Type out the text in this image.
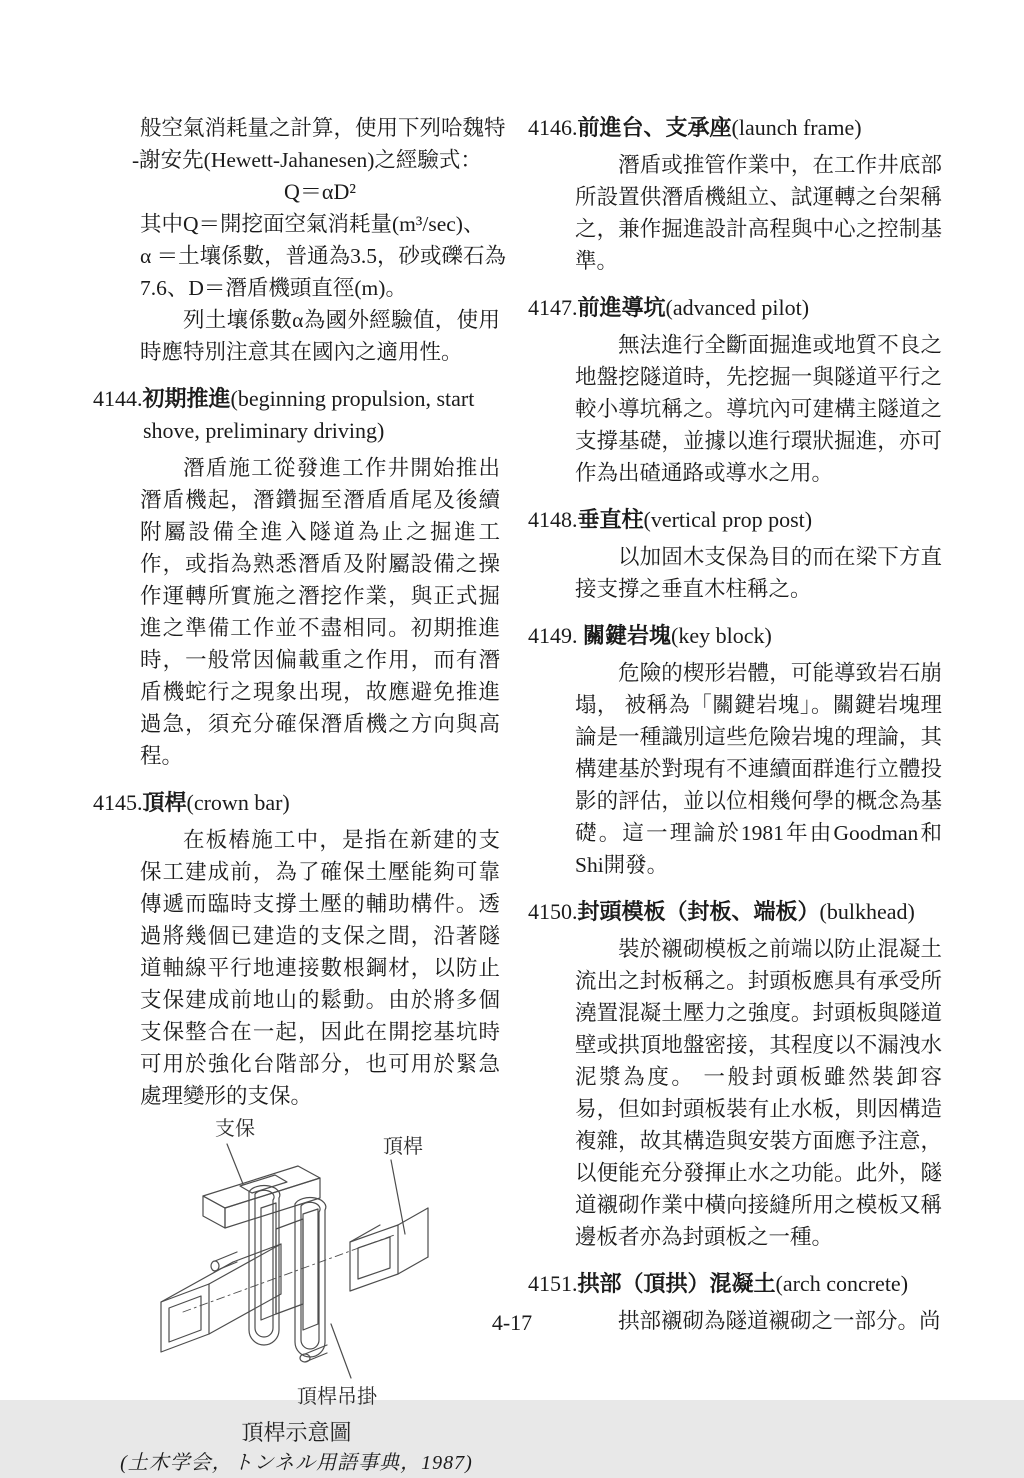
般空氣消耗量之計算，使用下列哈魏特
-謝安先(Hewett-Jahanesen)之經驗式：
Q＝αD²
其中Q＝開挖面空氣消耗量(m³/sec)、
α ＝土壤係數，普通為3.5，砂或礫石為
7.6、D＝潛盾機頭直徑(m)。

列土壤係數α為國外經驗值，使用時應特別注意其在國內之適用性。

4144.初期推進(beginning propulsion, start shove, preliminary driving)

潛盾施工從發進工作井開始推出潛盾機起，潛鑽掘至潛盾盾尾及後續附屬設備全進入隧道為止之掘進工作，或指為熟悉潛盾及附屬設備之操作運轉所實施之潛挖作業，與正式掘進之準備工作並不盡相同。初期推進時，一般常因偏載重之作用，而有潛盾機蛇行之現象出現，故應避免推進過急，須充分確保潛盾機之方向與高程。

4145.頂桿(crown bar)

在板樁施工中，是指在新建的支保工建成前，為了確保土壓能夠可靠傳遞而臨時支撐土壓的輔助構件。透過將幾個已建造的支保之間，沿著隧道軸線平行地連接數根鋼材，以防止支保建成前地山的鬆動。由於將多個支保整合在一起，因此在開挖基坑時可用於強化台階部分，也可用於緊急處理變形的支保。

支保
頂桿
頂桿吊掛
頂桿示意圖
(土木学会，トンネル用語事典，1987)
4146.前進台、支承座(launch frame)

潛盾或推管作業中，在工作井底部所設置供潛盾機組立、試運轉之台架稱之，兼作掘進設計高程與中心之控制基準。

4147.前進導坑(advanced pilot)

無法進行全斷面掘進或地質不良之地盤挖隧道時，先挖掘一與隧道平行之較小導坑稱之。導坑內可建構主隧道之支撐基礎，並據以進行環狀掘進，亦可作為出碴通路或導水之用。

4148.垂直柱(vertical prop post)

以加固木支保為目的而在梁下方直接支撐之垂直木柱稱之。

4149. 關鍵岩塊(key block)

危險的楔形岩體，可能導致岩石崩塌， 被稱為「關鍵岩塊」。關鍵岩塊理論是一種識別這些危險岩塊的理論，其構建基於對現有不連續面群進行立體投影的評估，並以位相幾何學的概念為基礎。這一理論於1981年由Goodman和Shi開發。

4150.封頭模板（封板、端板）(bulkhead)

裝於襯砌模板之前端以防止混凝土流出之封板稱之。封頭板應具有承受所澆置混凝土壓力之強度。封頭板與隧道壁或拱頂地盤密接，其程度以不漏洩水泥漿為度。 一般封頭板雖然裝卸容易，但如封頭板裝有止水板，則因構造複雜，故其構造與安裝方面應予注意，以便能充分發揮止水之功能。此外，隧道襯砌作業中橫向接縫所用之模板又稱邊板者亦為封頭板之一種。

4151.拱部（頂拱）混凝土(arch concrete)

拱部襯砌為隧道襯砌之一部分。尚

4-17
